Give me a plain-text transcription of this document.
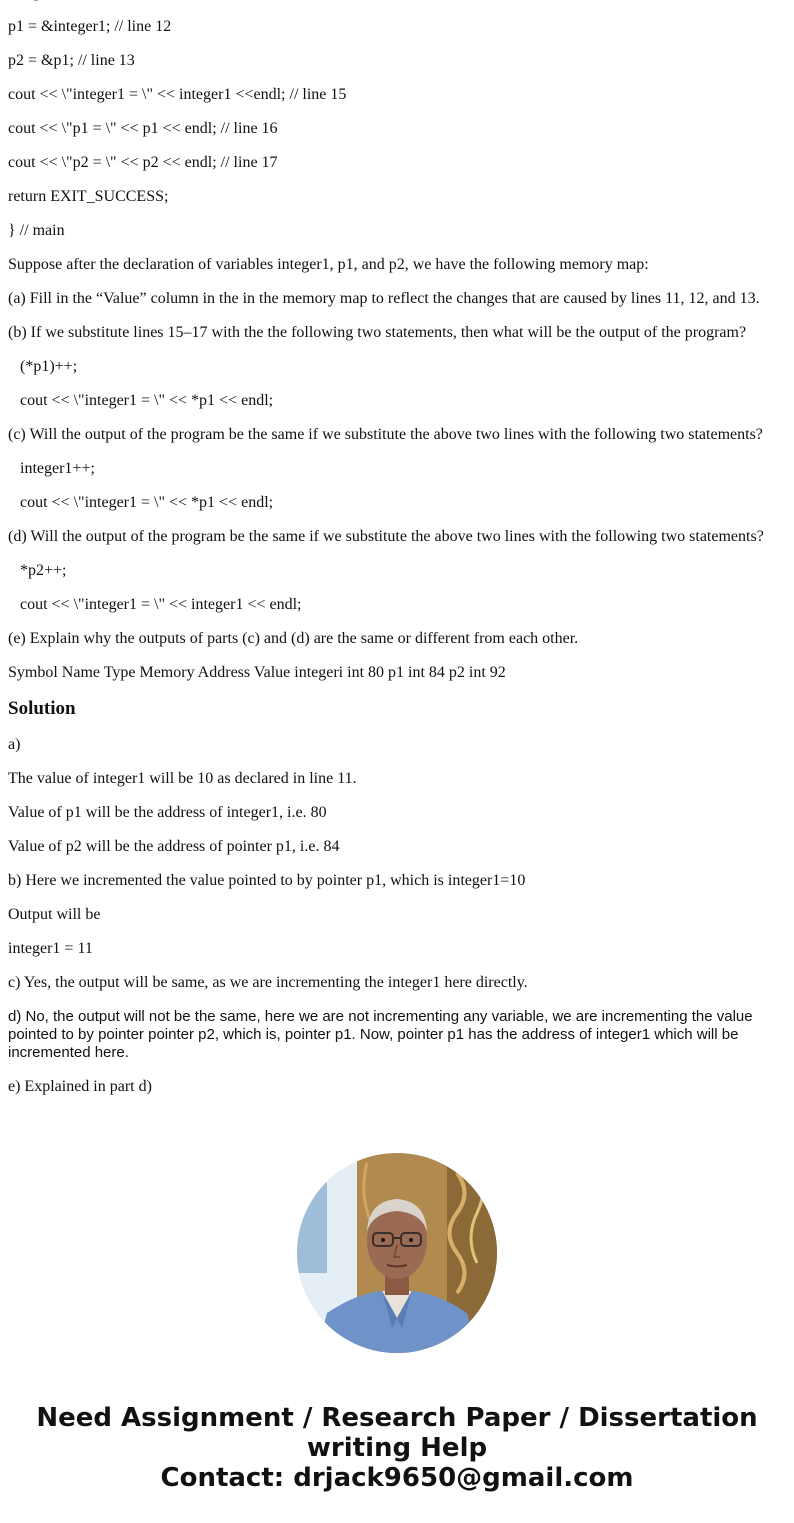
p1 = &integer1; // line 12

p2 = &p1; // line 13

cout << \"integer1 = \" << integer1 <<endl; // line 15

cout << \"p1 = \" << p1 << endl; // line 16

cout << \"p2 = \" << p2 << endl; // line 17

return EXIT_SUCCESS;

} // main

Suppose after the declaration of variables integer1, p1, and p2, we have the following memory map:

(a) Fill in the “Value” column in the in the memory map to reflect the changes that are caused by lines 11, 12, and 13.

(b) If we substitute lines 15–17 with the the following two statements, then what will be the output of the program?

(*p1)++;

cout << \"integer1 = \" << *p1 << endl;

(c) Will the output of the program be the same if we substitute the above two lines with the following two statements?

integer1++;

cout << \"integer1 = \" << *p1 << endl;

(d) Will the output of the program be the same if we substitute the above two lines with the following two statements?

*p2++;

cout << \"integer1 = \" << integer1 << endl;

(e) Explain why the outputs of parts (c) and (d) are the same or different from each other.

Symbol Name Type Memory Address Value integeri int 80 p1 int 84 p2 int 92

Solution

a)

The value of integer1 will be 10 as declared in line 11.

Value of p1 will be the address of integer1, i.e. 80

Value of p2 will be the address of pointer p1, i.e. 84

b) Here we incremented the value pointed to by pointer p1, which is integer1=10

Output will be

integer1 = 11

c) Yes, the output will be same, as we are incrementing the integer1 here directly.

d) No, the output will not be the same, here we are not incrementing any variable, we are incrementing the value pointed to by pointer pointer p2, which is, pointer p1. Now, pointer p1 has the address of integer1 which will be incremented here.

e) Explained in part d)

Need Assignment / Research Paper / Dissertation
writing Help
Contact: drjack9650@gmail.com
